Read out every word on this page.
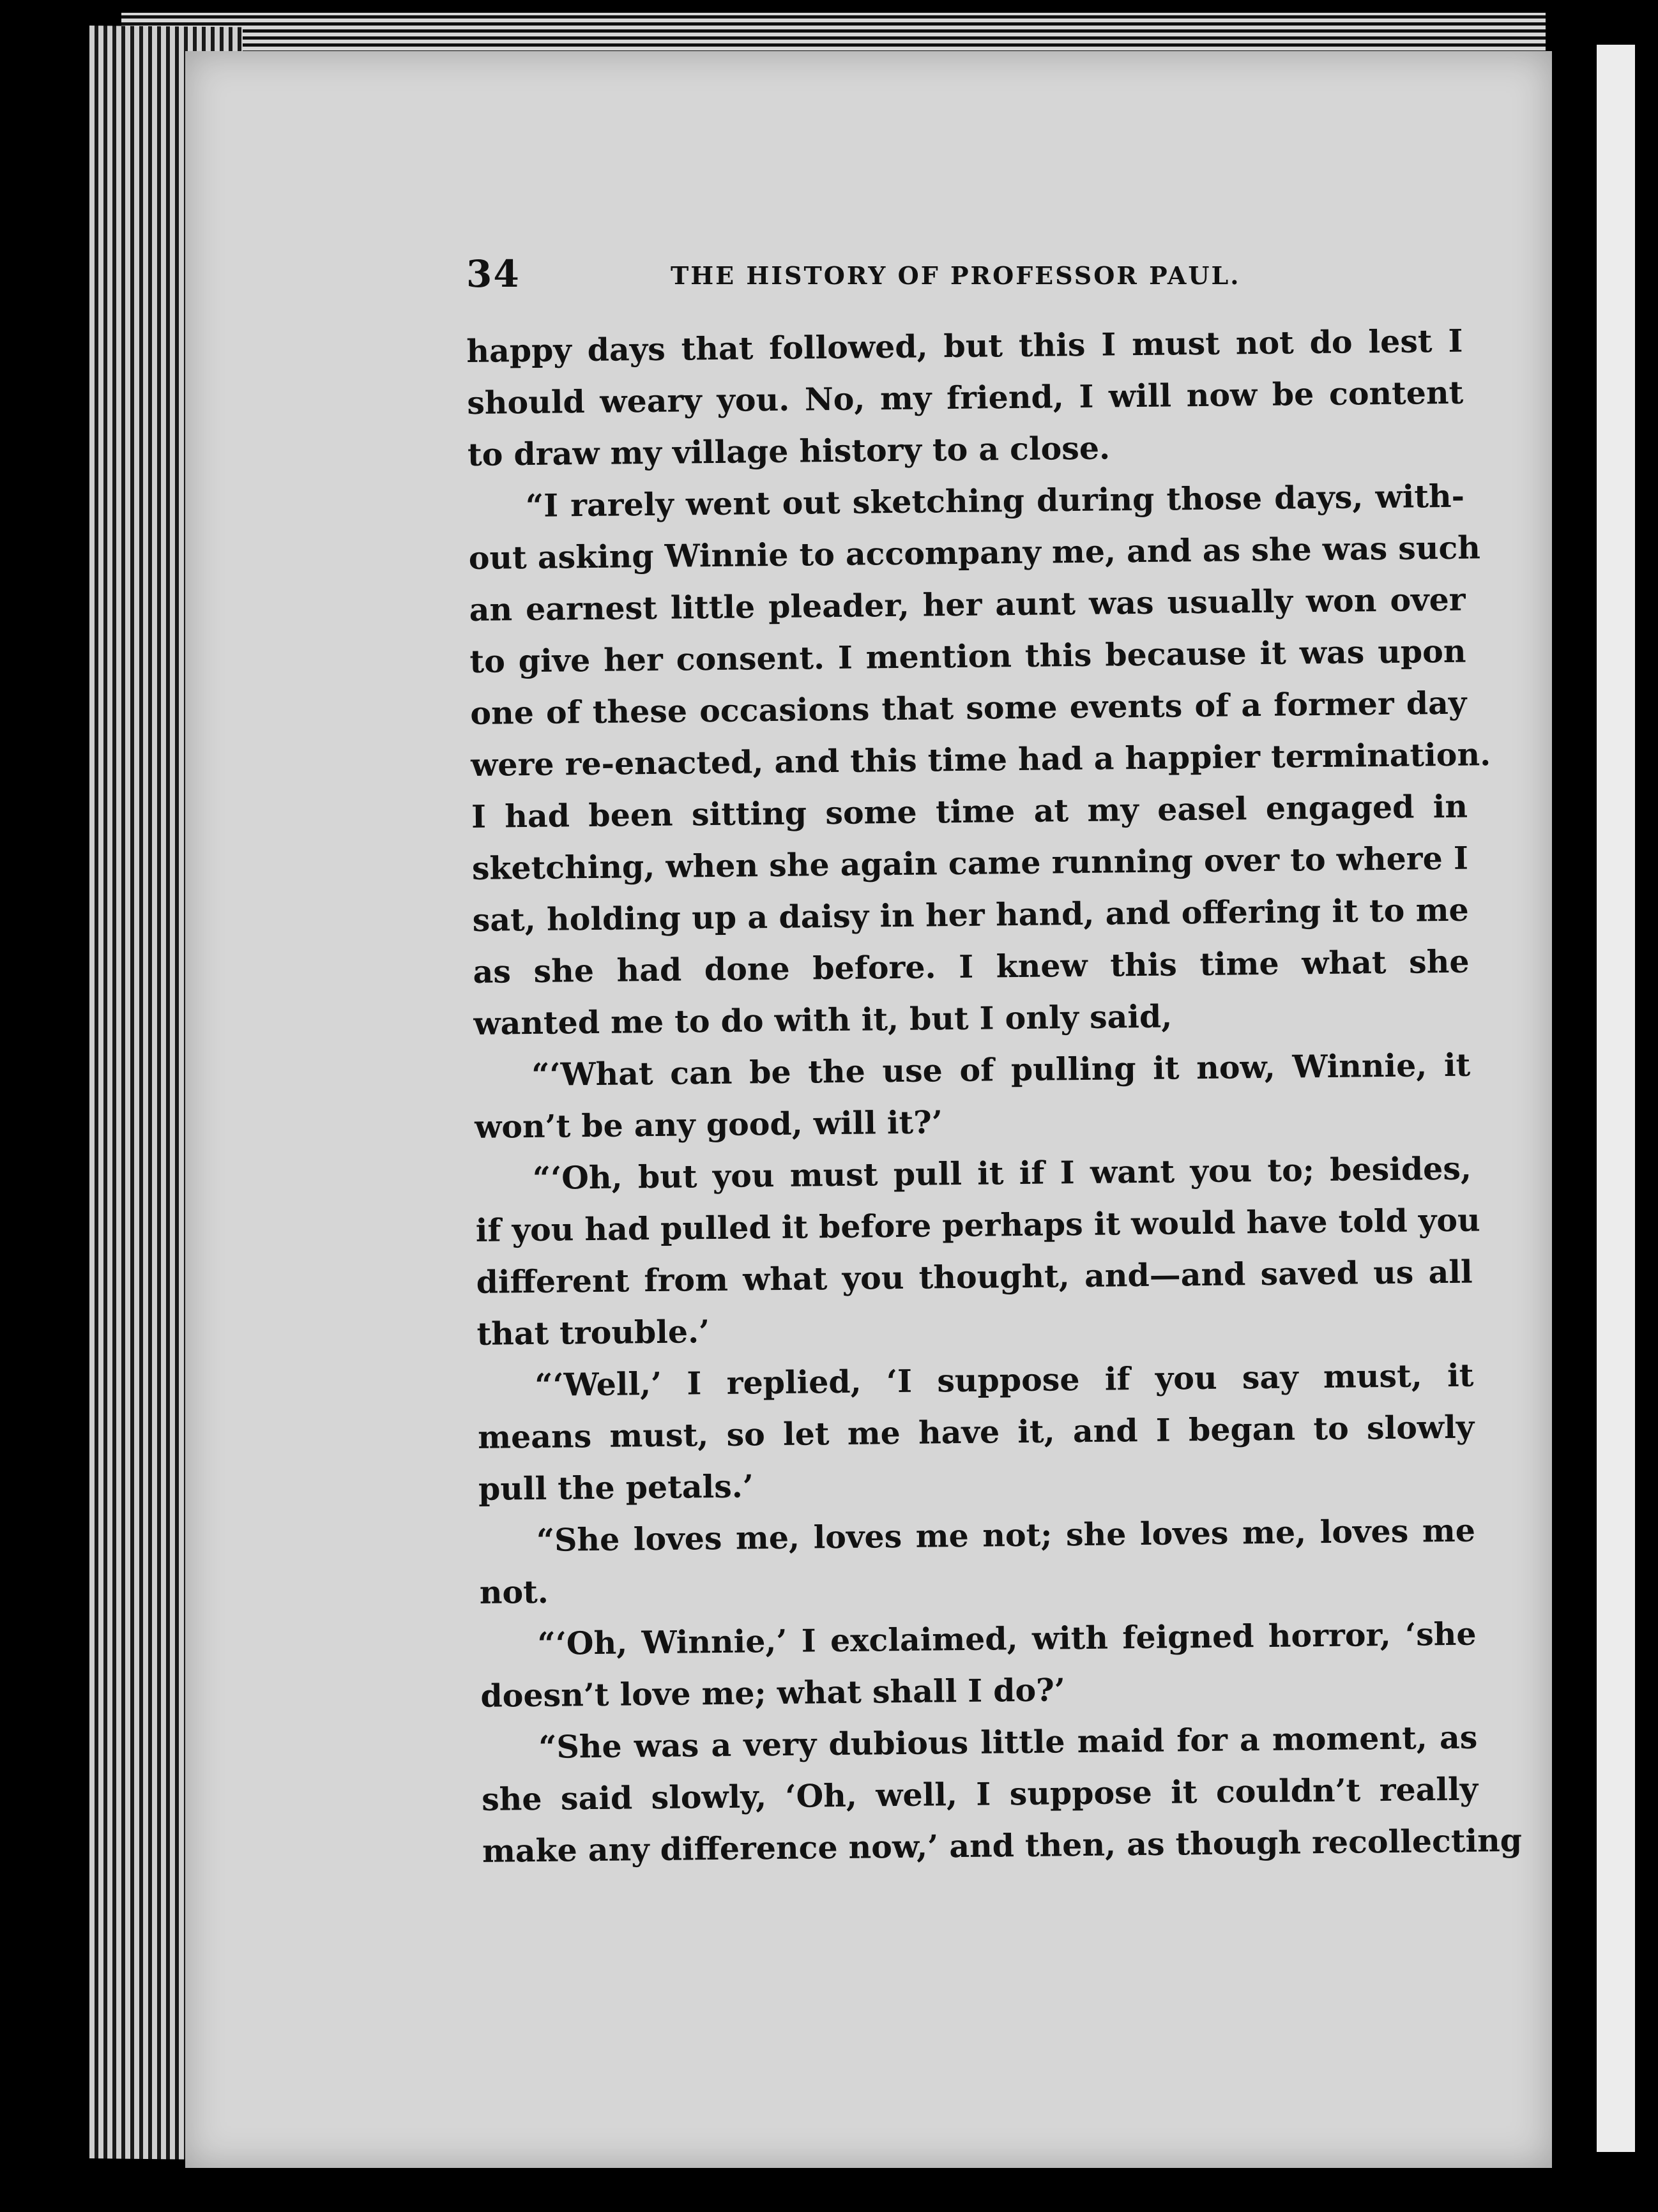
34	THE HISTORY OF PROFESSOR PAUL.
happy days that followed, but this I must not do lest I
should weary you. No, my friend, I will now be content
to draw my village history to a close.
“I rarely went out sketching during those days, with-
out asking Winnie to accompany me, and as she was such
an earnest little pleader, her aunt was usually won over
to give her consent. I mention this because it was upon
one of these occasions that some events of a former day
were re-enacted, and this time had a happier termination.
I had been sitting some time at my easel engaged in
sketching, when she again came running over to where I
sat, holding up a daisy in her hand, and offering it to me
as she had done before. I knew this time what she
wanted me to do with it, but I only said,
“‘What can be the use of pulling it now, Winnie, it
won’t be any good, will it?’
“‘Oh, but you must pull it if I want you to; besides,
if you had pulled it before perhaps it would have told you
different from what you thought, and—and saved us all
that trouble.’
“‘Well,’ I replied, ‘I suppose if you say must, it
means must, so let me have it, and I began to slowly
pull the petals.’
“She loves me, loves me not; she loves me, loves me
not.
“‘Oh, Winnie,’ I exclaimed, with feigned horror, ‘she
doesn’t love me; what shall I do?’
“She was a very dubious little maid for a moment, as
she said slowly, ‘Oh, well, I suppose it couldn’t really
make any difference now,’ and then, as though recollecting
